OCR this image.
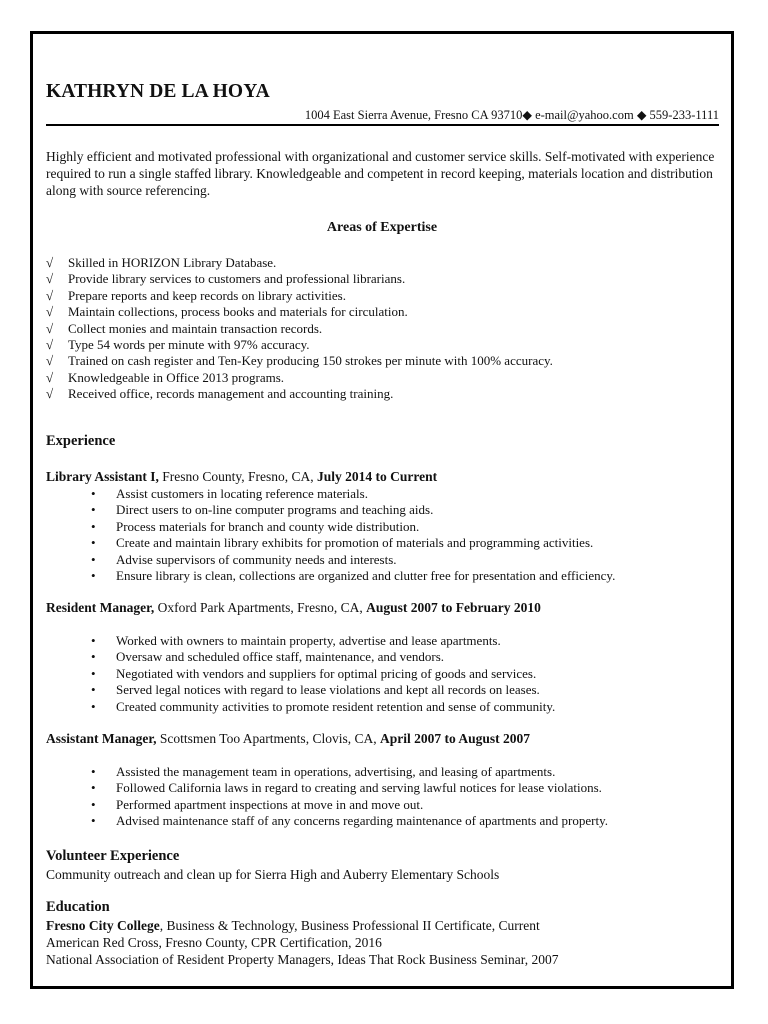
KATHRYN DE LA HOYA
1004 East Sierra Avenue, Fresno CA 93710◆ e-mail@yahoo.com ◆ 559-233-1111
Highly efficient and motivated professional with organizational and customer service skills. Self-motivated with experience required to run a single staffed library. Knowledgeable and competent in record keeping, materials location and distribution along with source referencing.
Areas of Expertise
√	Skilled in HORIZON Library Database.
√	Provide library services to customers and professional librarians.
√	Prepare reports and keep records on library activities.
√	Maintain collections, process books and materials for circulation.
√	Collect monies and maintain transaction records.
√	Type 54 words per minute with 97% accuracy.
√	Trained on cash register and Ten-Key producing 150 strokes per minute with 100% accuracy.
√	Knowledgeable in Office 2013 programs.
√	Received office, records management and accounting training.
Experience
Library Assistant I, Fresno County, Fresno, CA, July 2014 to Current
•	Assist customers in locating reference materials.
•	Direct users to on-line computer programs and teaching aids.
•	Process materials for branch and county wide distribution.
•	Create and maintain library exhibits for promotion of materials and programming activities.
•	Advise supervisors of community needs and interests.
•	Ensure library is clean, collections are organized and clutter free for presentation and efficiency.
Resident Manager, Oxford Park Apartments, Fresno, CA, August 2007 to February 2010
•	Worked with owners to maintain property, advertise and lease apartments.
•	Oversaw and scheduled office staff, maintenance, and vendors.
•	Negotiated with vendors and suppliers for optimal pricing of goods and services.
•	Served legal notices with regard to lease violations and kept all records on leases.
•	Created community activities to promote resident retention and sense of community.
Assistant Manager, Scottsmen Too Apartments, Clovis, CA, April 2007 to August 2007
•	Assisted the management team in operations, advertising, and leasing of apartments.
•	Followed California laws in regard to creating and serving lawful notices for lease violations.
•	Performed apartment inspections at move in and move out.
•	Advised maintenance staff of any concerns regarding maintenance of apartments and property.
Volunteer Experience
Community outreach and clean up for Sierra High and Auberry Elementary Schools
Education
Fresno City College, Business & Technology, Business Professional II Certificate, Current
American Red Cross, Fresno County, CPR Certification, 2016
National Association of Resident Property Managers, Ideas That Rock Business Seminar, 2007
